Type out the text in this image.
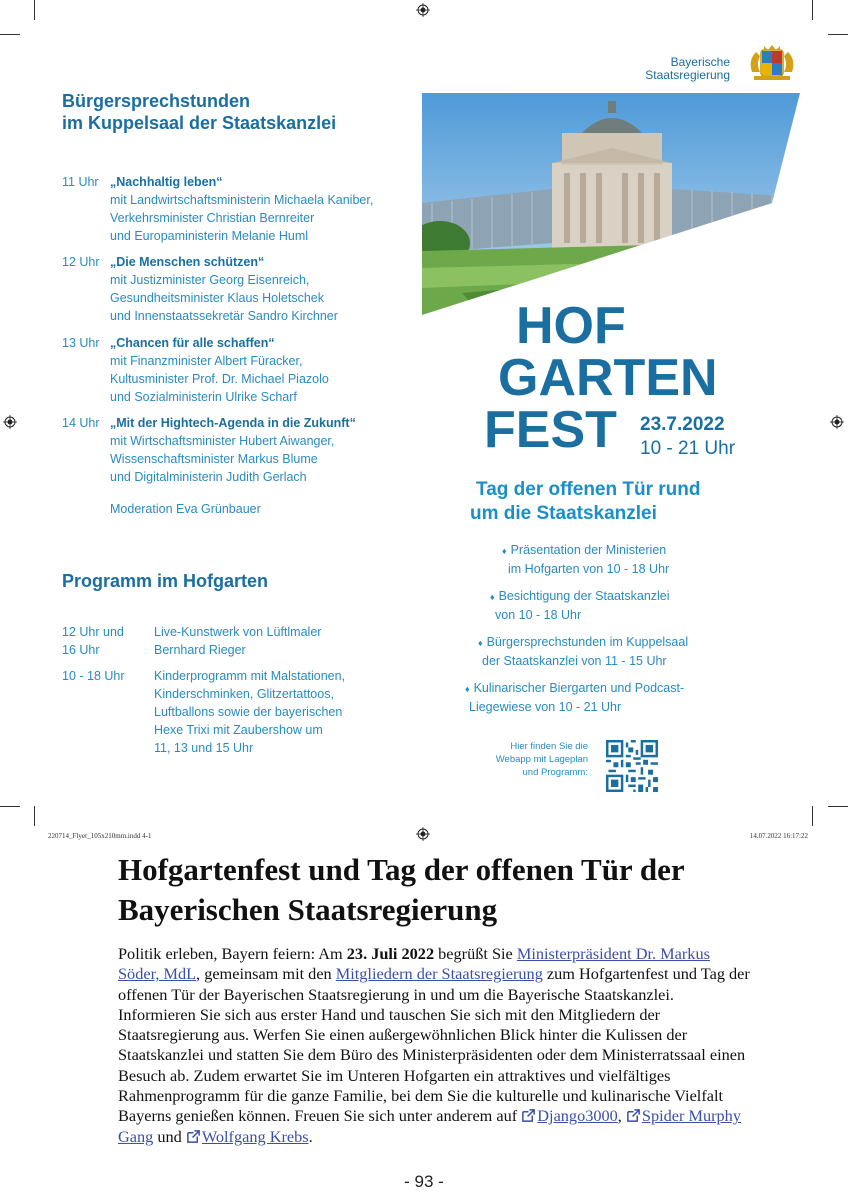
Bayerische
Staatsregierung
Bürgersprechstunden
im Kuppelsaal der Staatskanzlei
11 Uhr „Nachhaltig leben“
mit Landwirtschaftsministerin Michaela Kaniber,
Verkehrsminister Christian Bernreiter
und Europaministerin Melanie Huml
12 Uhr „Die Menschen schützen“
mit Justizminister Georg Eisenreich,
Gesundheitsminister Klaus Holetschek
und Innenstaatssekretär Sandro Kirchner
13 Uhr „Chancen für alle schaffen“
mit Finanzminister Albert Füracker,
Kultusminister Prof. Dr. Michael Piazolo
und Sozialministerin Ulrike Scharf
14 Uhr „Mit der Hightech-Agenda in die Zukunft“
mit Wirtschaftsminister Hubert Aiwanger,
Wissenschaftsminister Markus Blume
und Digitalministerin Judith Gerlach
Moderation Eva Grünbauer
Programm im Hofgarten
12 Uhr und
16 Uhr
Live-Kunstwerk von Lüftlmaler
Bernhard Rieger
10 - 18 Uhr	Kinderprogramm mit Malstationen,
Kinderschminken, Glitzertattoos,
Luftballons sowie der bayerischen
Hexe Trixi mit Zaubershow um
11, 13 und 15 Uhr
HOF
GARTEN
FEST 23.7.2022
10 - 21 Uhr
Tag der offenen Tür rund
um die Staatskanzlei
♦ Präsentation der Ministerien
im Hofgarten von 10 - 18 Uhr
♦ Besichtigung der Staatskanzlei
von 10 - 18 Uhr
♦ Bürgersprechstunden im Kuppelsaal
der Staatskanzlei von 11 - 15 Uhr
♦ Kulinarischer Biergarten und Podcast-
Liegewiese von 10 - 21 Uhr
Hier finden Sie die
Webapp mit Lageplan
und Programm:
220714_Flyer_105x210mm.indd 4-1	14.07.2022 16:17:22
Hofgartenfest und Tag der offenen Tür der Bayerischen Staatsregierung
Politik erleben, Bayern feiern: Am 23. Juli 2022 begrüßt Sie Ministerpräsident Dr. Markus Söder, MdL, gemeinsam mit den Mitgliedern der Staatsregierung zum Hofgartenfest und Tag der offenen Tür der Bayerischen Staatsregierung in und um die Bayerische Staatskanzlei. Informieren Sie sich aus erster Hand und tauschen Sie sich mit den Mitgliedern der Staatsregierung aus. Werfen Sie einen außergewöhnlichen Blick hinter die Kulissen der Staatskanzlei und statten Sie dem Büro des Ministerpräsidenten oder dem Ministerratssaal einen Besuch ab. Zudem erwartet Sie im Unteren Hofgarten ein attraktives und vielfältiges Rahmenprogramm für die ganze Familie, bei dem Sie die kulturelle und kulinarische Vielfalt Bayerns genießen können. Freuen Sie sich unter anderem auf Django3000, Spider Murphy Gang und Wolfgang Krebs.
- 93 -
